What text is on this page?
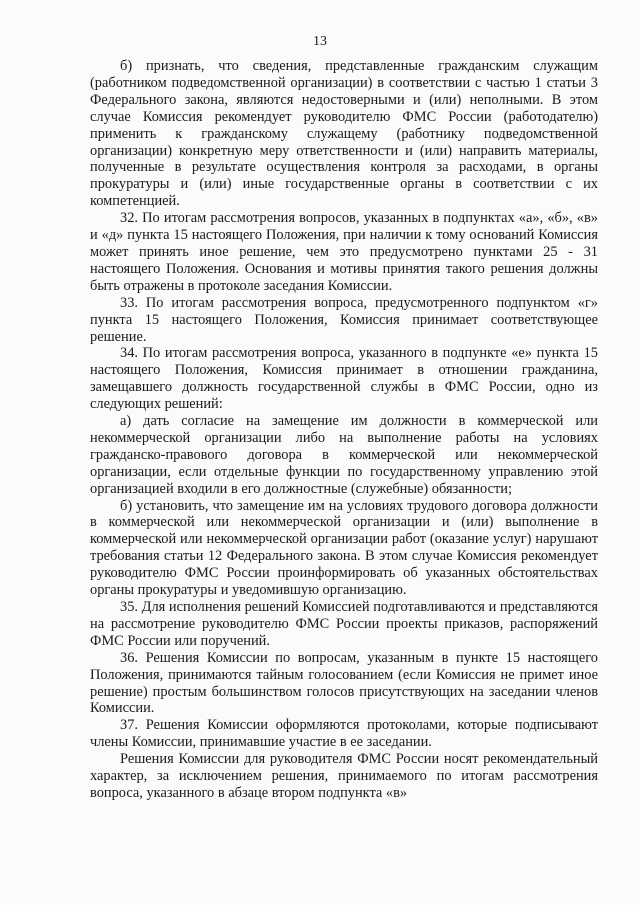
13

б) признать, что сведения, представленные гражданским служащим (работником подведомственной организации) в соответствии с частью 1 статьи 3 Федерального закона, являются недостоверными и (или) неполными. В этом случае Комиссия рекомендует руководителю ФМС России (работодателю) применить к гражданскому служащему (работнику подведомственной организации) конкретную меру ответственности и (или) направить материалы, полученные в результате осуществления контроля за расходами, в органы прокуратуры и (или) иные государственные органы в соответствии с их компетенцией.

32. По итогам рассмотрения вопросов, указанных в подпунктах «а», «б», «в» и «д» пункта 15 настоящего Положения, при наличии к тому оснований Комиссия может принять иное решение, чем это предусмотрено пунктами 25 - 31 настоящего Положения. Основания и мотивы принятия такого решения должны быть отражены в протоколе заседания Комиссии.

33. По итогам рассмотрения вопроса, предусмотренного подпунктом «г» пункта 15 настоящего Положения, Комиссия принимает соответствующее решение.

34. По итогам рассмотрения вопроса, указанного в подпункте «е» пункта 15 настоящего Положения, Комиссия принимает в отношении гражданина, замещавшего должность государственной службы в ФМС России, одно из следующих решений:

а) дать согласие на замещение им должности в коммерческой или некоммерческой организации либо на выполнение работы на условиях гражданско-правового договора в коммерческой или некоммерческой организации, если отдельные функции по государственному управлению этой организацией входили в его должностные (служебные) обязанности;

б) установить, что замещение им на условиях трудового договора должности в коммерческой или некоммерческой организации и (или) выполнение в коммерческой или некоммерческой организации работ (оказание услуг) нарушают требования статьи 12 Федерального закона. В этом случае Комиссия рекомендует руководителю ФМС России проинформировать об указанных обстоятельствах органы прокуратуры и уведомившую организацию.

35. Для исполнения решений Комиссией подготавливаются и представляются на рассмотрение руководителю ФМС России проекты приказов, распоряжений ФМС России или поручений.

36. Решения Комиссии по вопросам, указанным в пункте 15 настоящего Положения, принимаются тайным голосованием (если Комиссия не примет иное решение) простым большинством голосов присутствующих на заседании членов Комиссии.

37. Решения Комиссии оформляются протоколами, которые подписывают члены Комиссии, принимавшие участие в ее заседании.

Решения Комиссии для руководителя ФМС России носят рекомендательный характер, за исключением решения, принимаемого по итогам рассмотрения вопроса, указанного в абзаце втором подпункта «в»
